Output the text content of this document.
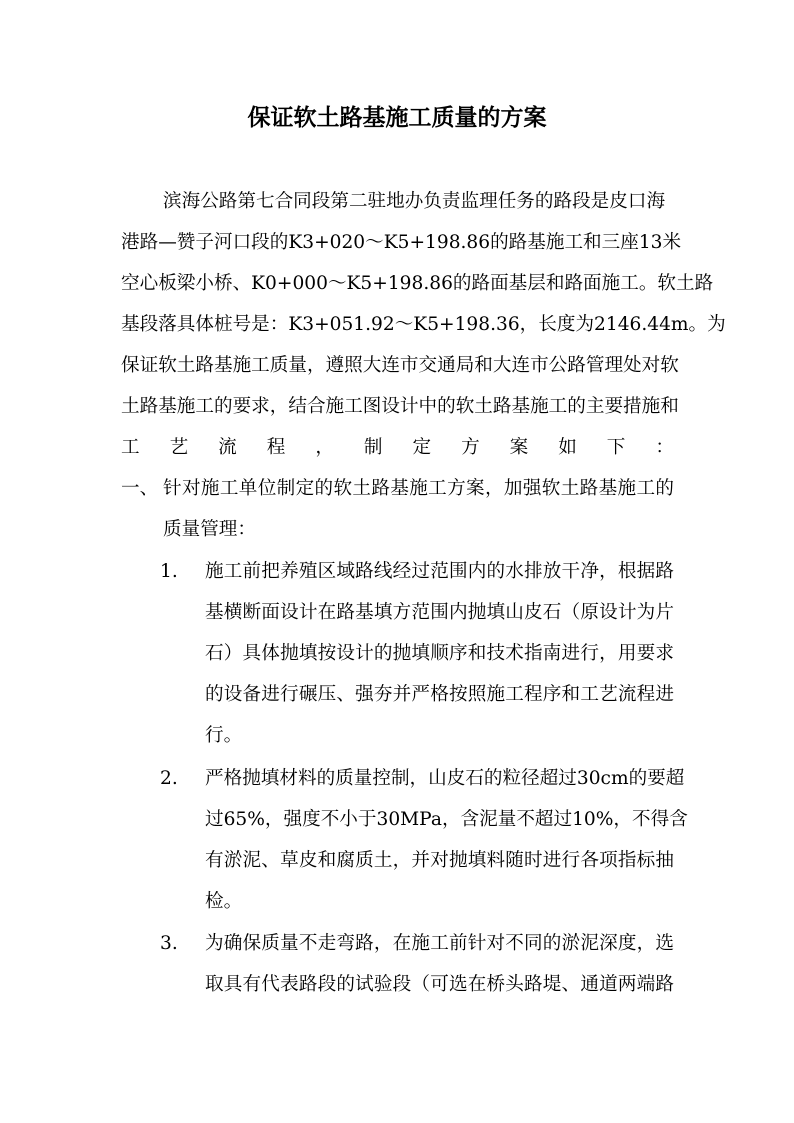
保证软土路基施工质量的方案
滨海公路第七合同段第二驻地办负责监理任务的路段是皮口海
港路—赞子河口段的K3+020～K5+198.86的路基施工和三座13米
空心板梁小桥、K0+000～K5+198.86的路面基层和路面施工。软土路
基段落具体桩号是：K3+051.92～K5+198.36，长度为2146.44m。为
保证软土路基施工质量，遵照大连市交通局和大连市公路管理处对软
土路基施工的要求，结合施工图设计中的软土路基施工的主要措施和
工艺流程，制定方案如下：
一、 针对施工单位制定的软土路基施工方案，加强软土路基施工的
质量管理：
1. 施工前把养殖区域路线经过范围内的水排放干净，根据路
基横断面设计在路基填方范围内抛填山皮石（原设计为片
石）具体抛填按设计的抛填顺序和技术指南进行，用要求
的设备进行碾压、强夯并严格按照施工程序和工艺流程进
行。
2. 严格抛填材料的质量控制，山皮石的粒径超过30cm的要超
过65%，强度不小于30MPa，含泥量不超过10%，不得含
有淤泥、草皮和腐质土，并对抛填料随时进行各项指标抽
检。
3. 为确保质量不走弯路，在施工前针对不同的淤泥深度，选
取具有代表路段的试验段（可选在桥头路堤、通道两端路
